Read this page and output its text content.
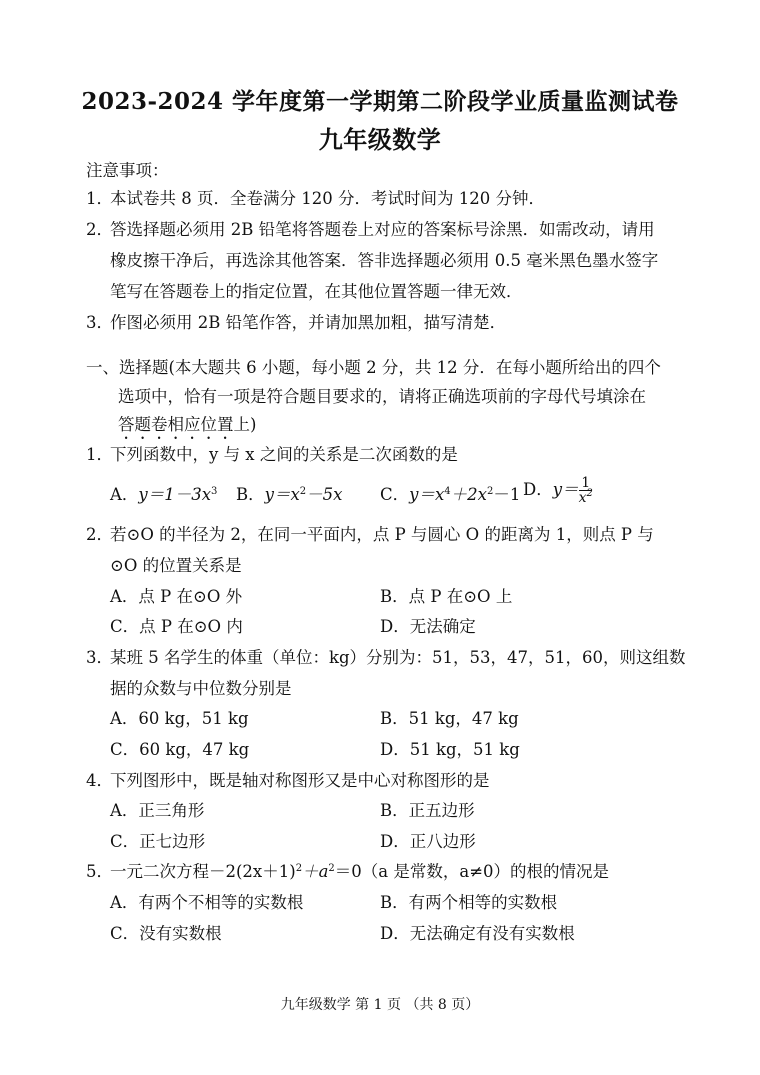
2023-2024 学年度第一学期第二阶段学业质量监测试卷
九年级数学
注意事项：
1．本试卷共 8 页．全卷满分 120 分．考试时间为 120 分钟．
2．答选择题必须用 2B 铅笔将答题卷上对应的答案标号涂黑．如需改动，请用
橡皮擦干净后，再选涂其他答案．答非选择题必须用 0.5 毫米黑色墨水签字
笔写在答题卷上的指定位置，在其他位置答题一律无效．
3．作图必须用 2B 铅笔作答，并请加黑加粗，描写清楚．
一、选择题(本大题共 6 小题，每小题 2 分，共 12 分．在每小题所给出的四个
选项中，恰有一项是符合题目要求的，请将正确选项前的字母代号填涂在
答题卷相应位置上)
1．下列函数中，y 与 x 之间的关系是二次函数的是
A．$y=1-3x^3$ B．$y=x^2-5x$ C．$y=x^4+2x^2-1$ D．$y= \frac{1}{x^2}$
2．若⊙O 的半径为 2，在同一平面内，点 P 与圆心 O 的距离为 1，则点 P 与
⊙O 的位置关系是
A．点 P 在⊙O 外	B．点 P 在⊙O 上
C．点 P 在⊙O 内	D．无法确定
3．某班 5 名学生的体重（单位：kg）分别为：51，53，47，51，60，则这组数
据的众数与中位数分别是
A．60 kg，51 kg	B．51 kg，47 kg
C．60 kg，47 kg	D．51 kg，51 kg
4．下列图形中，既是轴对称图形又是中心对称图形的是
A．正三角形	B．正五边形
C．正七边形	D．正八边形
5．一元二次方程$-2(2x+1)^2+a^2=0(a$ 是常数，a≠0）的根的情况是
A．有两个不相等的实数根	B．有两个相等的实数根
C．没有实数根	D．无法确定有没有实数根
九年级数学 第 1 页 （共 8 页）
